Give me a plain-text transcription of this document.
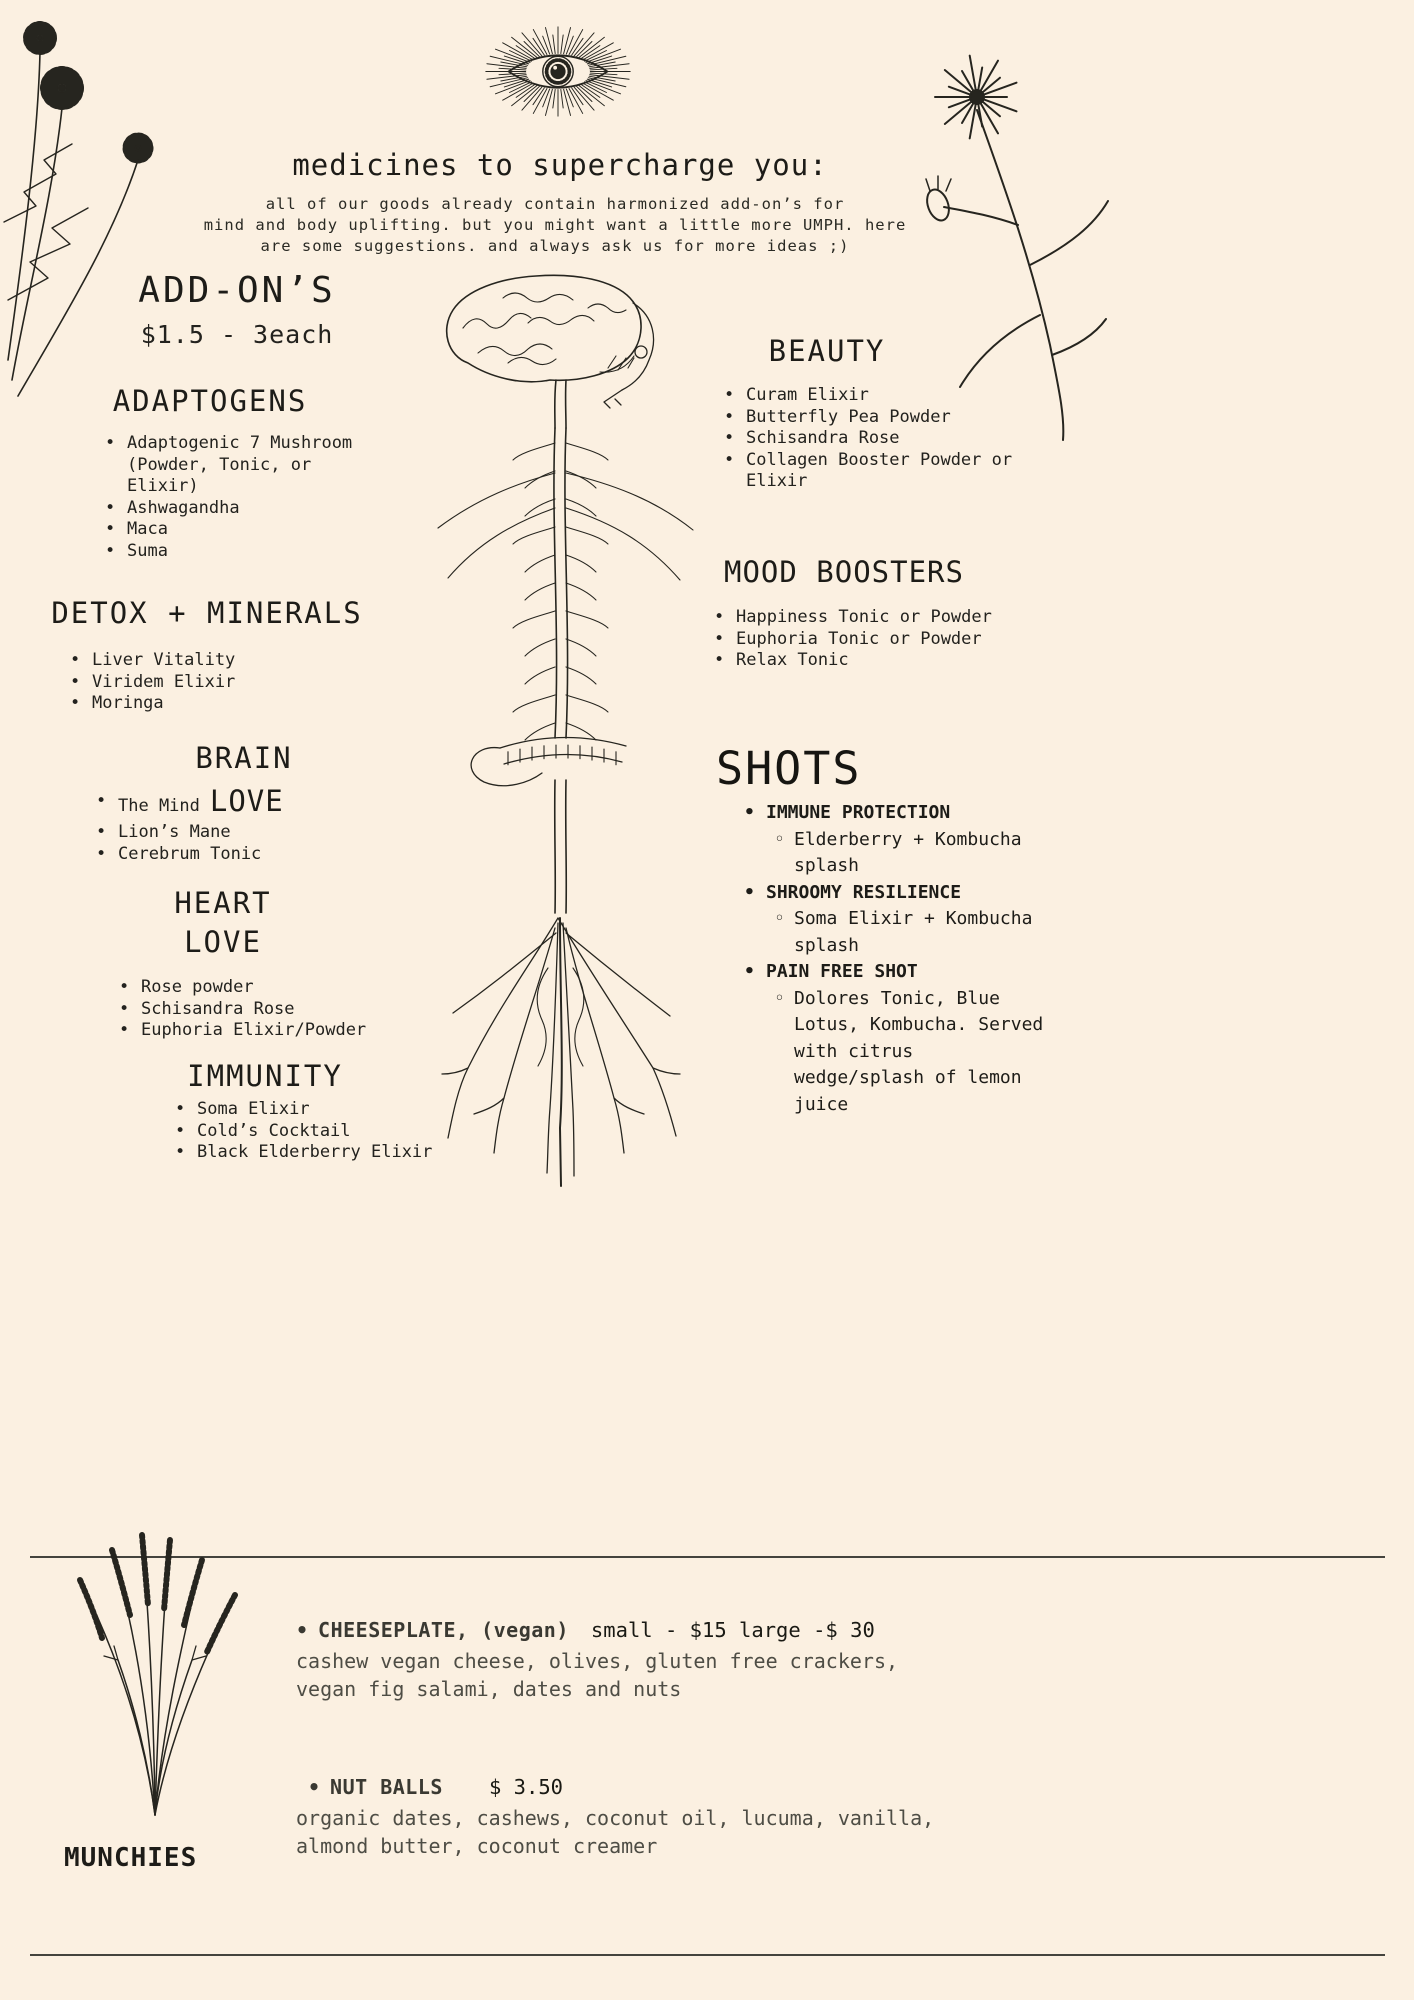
medicines to supercharge you:
all of our goods already contain harmonized add-on’s for
mind and body uplifting. but you might want a little more UMPH. here
are some suggestions. and always ask us for more ideas ;)
ADD-ON’S
$1.5 - 3each
ADAPTOGENS
• Adaptogenic 7 Mushroom (Powder, Tonic, or Elixir)
• Ashwagandha
• Maca
• Suma
DETOX + MINERALS
• Liver Vitality
• Viridem Elixir
• Moringa
BRAIN
• The Mind LOVE
• Lion’s Mane
• Cerebrum Tonic
HEART
LOVE
• Rose powder
• Schisandra Rose
• Euphoria Elixir/Powder
IMMUNITY
• Soma Elixir
• Cold’s Cocktail
• Black Elderberry Elixir
BEAUTY
• Curam Elixir
• Butterfly Pea Powder
• Schisandra Rose
• Collagen Booster Powder or Elixir
MOOD BOOSTERS
• Happiness Tonic or Powder
• Euphoria Tonic or Powder
• Relax Tonic
SHOTS
• IMMUNE PROTECTION
◦ Elderberry + Kombucha splash
• SHROOMY RESILIENCE
◦ Soma Elixir + Kombucha splash
• PAIN FREE SHOT
◦ Dolores Tonic, Blue Lotus, Kombucha. Served with citrus wedge/splash of lemon juice
MUNCHIES
• CHEESEPLATE, (vegan) small - $15 large -$ 30
cashew vegan cheese, olives, gluten free crackers, vegan fig salami, dates and nuts
• NUT BALLS $ 3.50
organic dates, cashews, coconut oil, lucuma, vanilla, almond butter, coconut creamer
